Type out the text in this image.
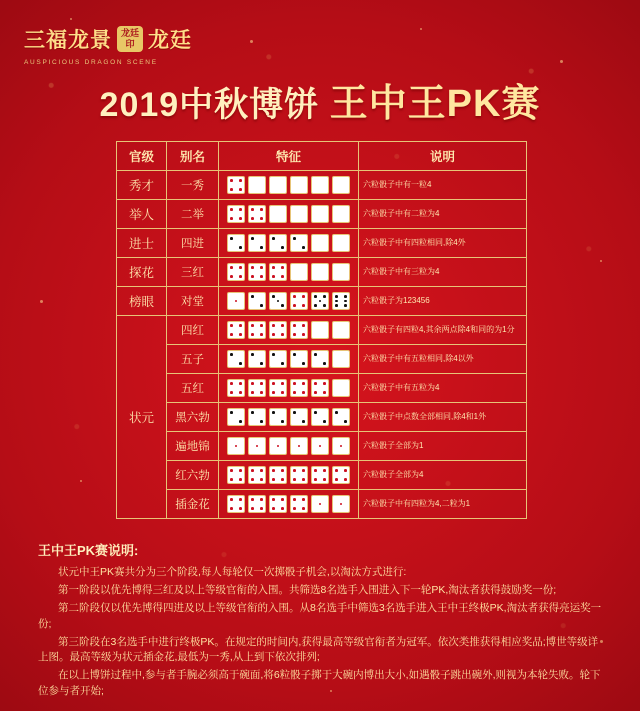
三福龙景 龙廷印 龙廷
AUSPICIOUS DRAGON SCENE
2019中秋博饼 王中王PK赛
官级	别名	特征	说明
秀才	一秀		六粒骰子中有一粒4
举人	二举		六粒骰子中有二粒为4
进士	四进		六粒骰子中有四粒相同,除4外
探花	三红		六粒骰子中有三粒为4
榜眼	对堂		六粒骰子为123456
状元	四红		六粒骰子有四粒4,其余两点除4和同的为1分
	五子		六粒骰子中有五粒相同,除4以外
	五红		六粒骰子中有五粒为4
	黑六勃		六粒骰子中点数全部相同,除4和1外
	遍地锦		六粒骰子全部为1
	红六勃		六粒骰子全部为4
	插金花		六粒骰子中有四粒为4,二粒为1
王中王PK赛说明:

状元中王PK赛共分为三个阶段,每人每轮仅一次掷骰子机会,以淘汰方式进行:

第一阶段以优先博得三红及以上等级官衔的入围。共筛选8名选手入围进入下一轮PK,淘汰者获得鼓励奖一份;

第二阶段仅以优先博得四进及以上等级官衔的入围。从8名选手中筛选3名选手进入王中王终极PK,淘汰者获得亮运奖一份;

第三阶段在3名选手中进行终极PK。在规定的时间内,获得最高等级官衔者为冠军。依次类推获得相应奖品;博世等级详上图。最高等级为状元插金花,最低为一秀,从上到下依次排列;

在以上博饼过程中,参与者手腕必须高于碗面,将6粒骰子掷于大碗内博出大小,如遇骰子跳出碗外,则视为本轮失败。轮下位参与者开始;
